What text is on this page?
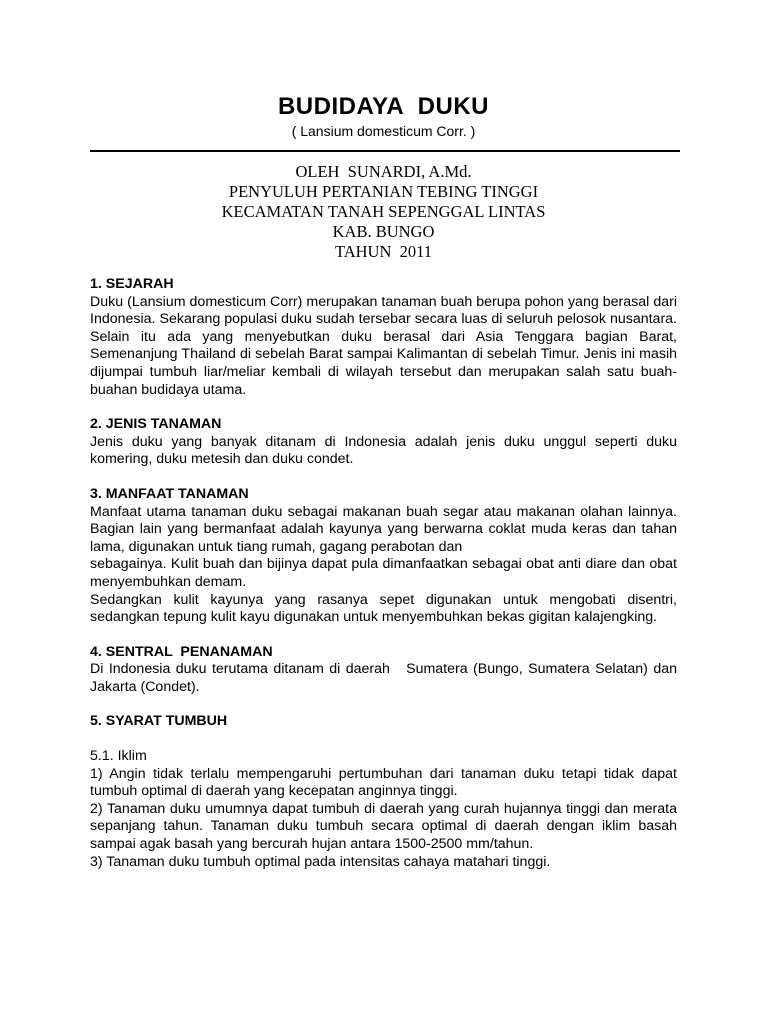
BUDIDAYA  DUKU

( Lansium domesticum Corr. )

OLEH  SUNARDI, A.Md.
PENYULUH PERTANIAN TEBING TINGGI
KECAMATAN TANAH SEPENGGAL LINTAS
KAB. BUNGO
TAHUN  2011

1. SEJARAH

Duku (Lansium domesticum Corr) merupakan tanaman buah berupa pohon yang berasal dari Indonesia. Sekarang populasi duku sudah tersebar secara luas di seluruh pelosok nusantara. Selain itu ada yang menyebutkan duku berasal dari Asia Tenggara bagian Barat, Semenanjung Thailand di sebelah Barat sampai Kalimantan di sebelah Timur. Jenis ini masih dijumpai tumbuh liar/meliar kembali di wilayah tersebut dan merupakan salah satu buah-buahan budidaya utama.

2. JENIS TANAMAN

Jenis duku yang banyak ditanam di Indonesia adalah jenis duku unggul seperti duku komering, duku metesih dan duku condet.

3. MANFAAT TANAMAN

Manfaat utama tanaman duku sebagai makanan buah segar atau makanan olahan lainnya. Bagian lain yang bermanfaat adalah kayunya yang berwarna coklat muda keras dan tahan lama, digunakan untuk tiang rumah, gagang perabotan dan

sebagainya. Kulit buah dan bijinya dapat pula dimanfaatkan sebagai obat anti diare dan obat menyembuhkan demam.

Sedangkan kulit kayunya yang rasanya sepet digunakan untuk mengobati disentri, sedangkan tepung kulit kayu digunakan untuk menyembuhkan bekas gigitan kalajengking.

4. SENTRAL  PENANAMAN

Di Indonesia duku terutama ditanam di daerah   Sumatera (Bungo, Sumatera Selatan) dan Jakarta (Condet).

5. SYARAT TUMBUH

5.1. Iklim

1) Angin tidak terlalu mempengaruhi pertumbuhan dari tanaman duku tetapi tidak dapat tumbuh optimal di daerah yang kecepatan anginnya tinggi.

2) Tanaman duku umumnya dapat tumbuh di daerah yang curah hujannya tinggi dan merata sepanjang tahun. Tanaman duku tumbuh secara optimal di daerah dengan iklim basah sampai agak basah yang bercurah hujan antara 1500-2500 mm/tahun.

3) Tanaman duku tumbuh optimal pada intensitas cahaya matahari tinggi.
